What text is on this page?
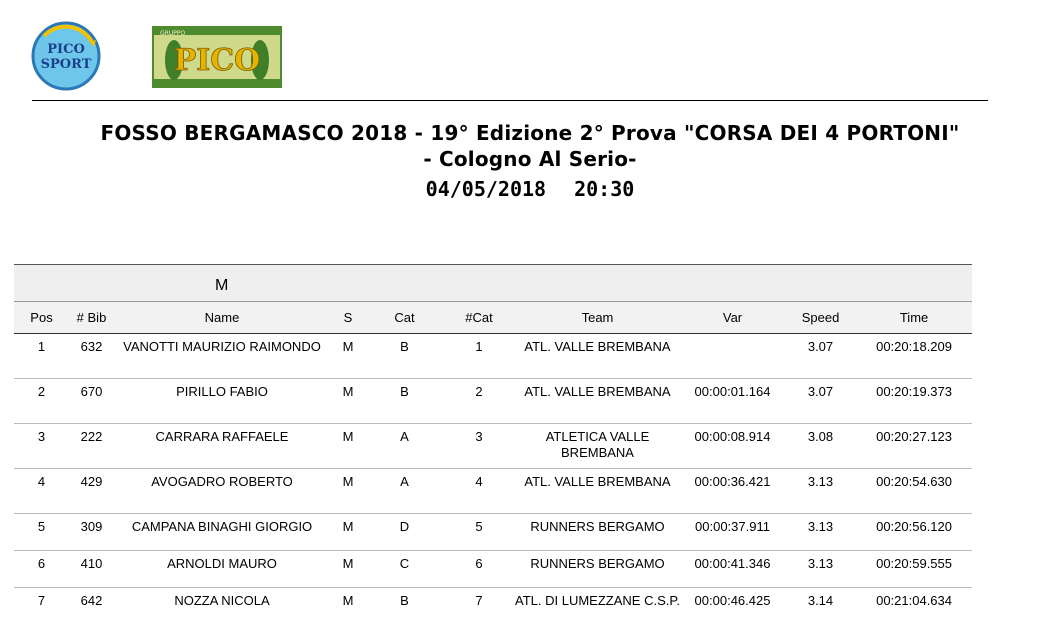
PICO
SPORT
GRUPPO
PICO
FOSSO BERGAMASCO 2018 - 19° Edizione 2° Prova "CORSA DEI 4 PORTONI" - Cologno Al Serio-
04/05/2018 20:30
M									
Pos	# Bib	Name	S	Cat	#Cat	Team	Var	Speed	Time
1	632	VANOTTI MAURIZIO RAIMONDO	M	B	1	ATL. VALLE BREMBANA		3.07	00:20:18.209
2	670	PIRILLO FABIO	M	B	2	ATL. VALLE BREMBANA	00:00:01.164	3.07	00:20:19.373
3	222	CARRARA RAFFAELE	M	A	3	ATLETICA VALLE BREMBANA	00:00:08.914	3.08	00:20:27.123
4	429	AVOGADRO ROBERTO	M	A	4	ATL. VALLE BREMBANA	00:00:36.421	3.13	00:20:54.630
5	309	CAMPANA BINAGHI GIORGIO	M	D	5	RUNNERS BERGAMO	00:00:37.911	3.13	00:20:56.120
6	410	ARNOLDI MAURO	M	C	6	RUNNERS BERGAMO	00:00:41.346	3.13	00:20:59.555
7	642	NOZZA NICOLA	M	B	7	ATL. DI LUMEZZANE C.S.P.	00:00:46.425	3.14	00:21:04.634
